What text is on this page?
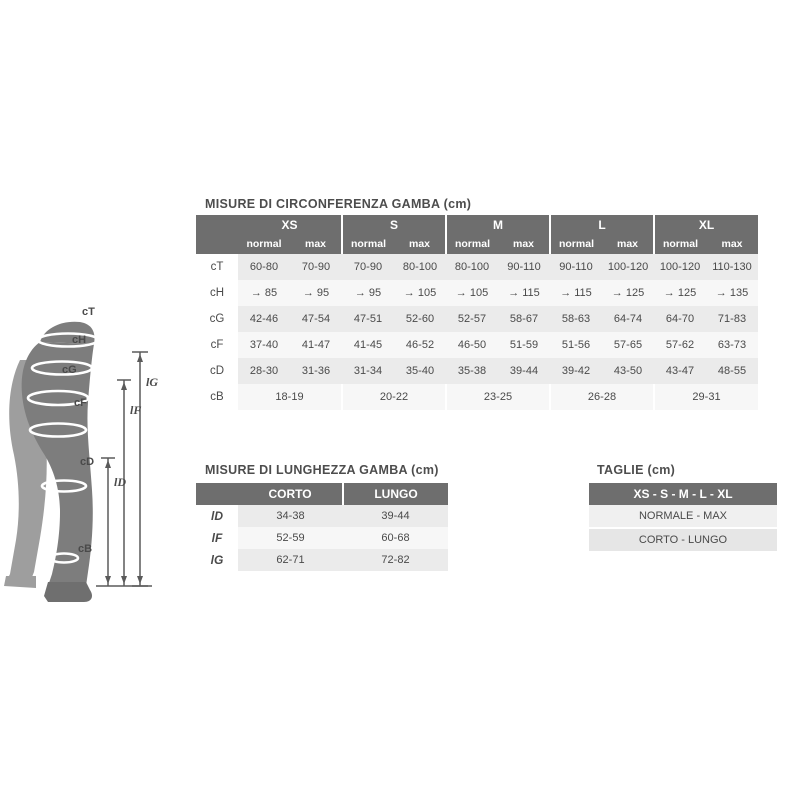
cT
cH
cG
cF
cD
cB
lG
lF
lD
MISURE DI CIRCONFERENZA GAMBA (cm)
MISURE DI LUNGHEZZA GAMBA (cm)	TAGLIE (cm)
	XS		S		M		L		XL	
	normal	max	normal	max	normal	max	normal	max	normal	max
cT	60-80	70-90	70-90	80-100	80-100	90-110	90-110	100-120	100-120	110-130
cH	→ 85	→ 95	→ 95	→ 105	→ 105	→ 115	→ 115	→ 125	→ 125	→ 135
cG	42-46	47-54	47-51	52-60	52-57	58-67	58-63	64-74	64-70	71-83
cF	37-40	41-47	41-45	46-52	46-50	51-59	51-56	57-65	57-62	63-73
cD	28-30	31-36	31-34	35-40	35-38	39-44	39-42	43-50	43-47	48-55
cB	18-19		20-22		23-25		26-28		29-31	
	CORTO	LUNGO
lD	34-38	39-44
lF	52-59	60-68
lG	62-71	72-82
XS - S - M - L - XL
NORMALE - MAX
CORTO - LUNGO
